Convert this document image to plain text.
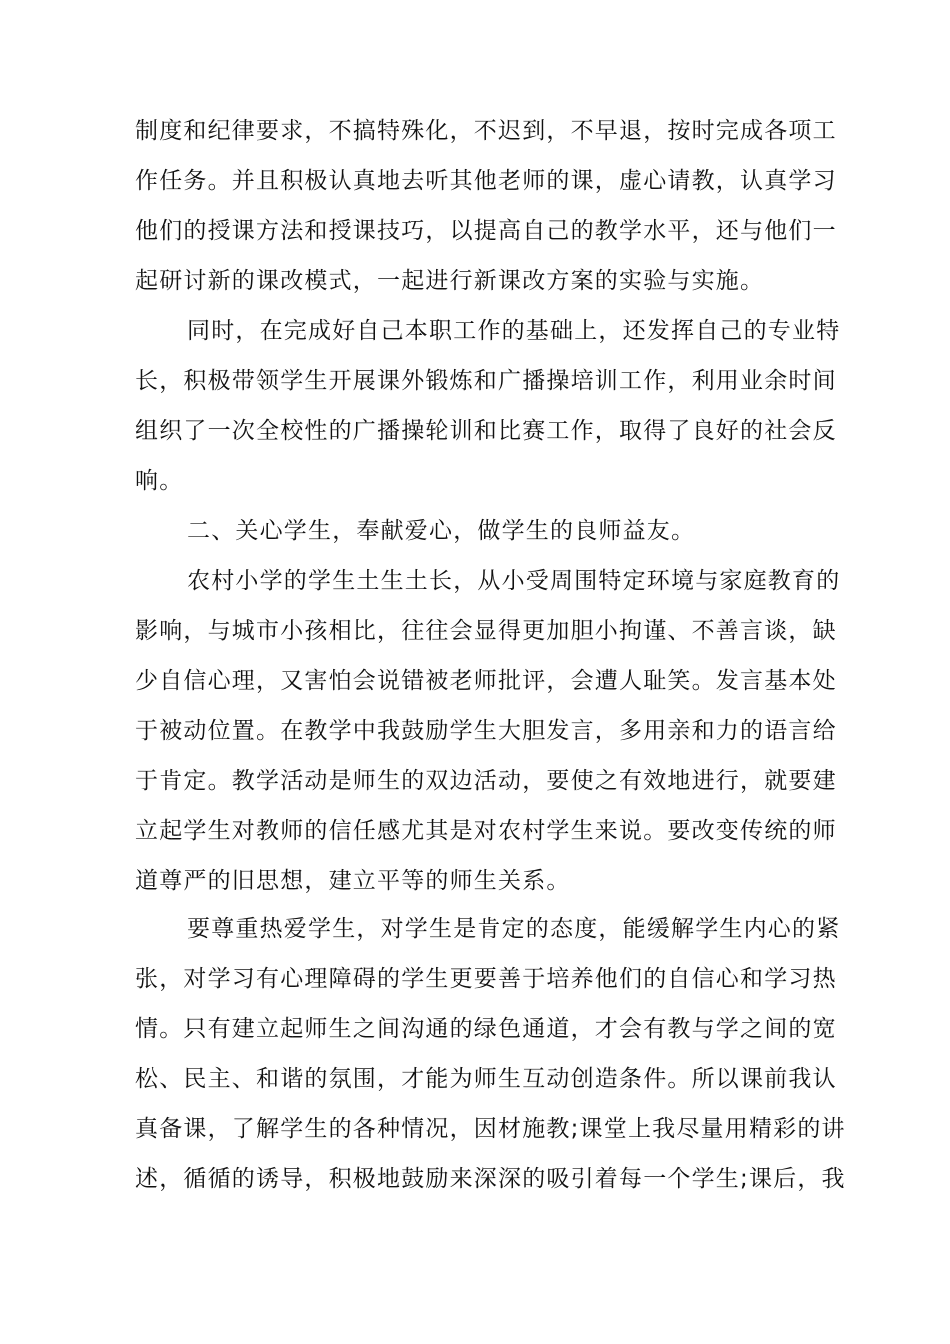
制度和纪律要求，不搞特殊化，不迟到，不早退，按时完成各项工

作任务。并且积极认真地去听其他老师的课，虚心请教，认真学习

他们的授课方法和授课技巧，以提高自己的教学水平，还与他们一

起研讨新的课改模式，一起进行新课改方案的实验与实施。

同时，在完成好自己本职工作的基础上，还发挥自己的专业特

长，积极带领学生开展课外锻炼和广播操培训工作，利用业余时间

组织了一次全校性的广播操轮训和比赛工作，取得了良好的社会反

响。

二、关心学生，奉献爱心，做学生的良师益友。

农村小学的学生土生土长，从小受周围特定环境与家庭教育的

影响，与城市小孩相比，往往会显得更加胆小拘谨、不善言谈，缺

少自信心理，又害怕会说错被老师批评，会遭人耻笑。发言基本处

于被动位置。在教学中我鼓励学生大胆发言，多用亲和力的语言给

于肯定。教学活动是师生的双边活动，要使之有效地进行，就要建

立起学生对教师的信任感尤其是对农村学生来说。要改变传统的师

道尊严的旧思想，建立平等的师生关系。

要尊重热爱学生，对学生是肯定的态度，能缓解学生内心的紧

张，对学习有心理障碍的学生更要善于培养他们的自信心和学习热

情。只有建立起师生之间沟通的绿色通道，才会有教与学之间的宽

松、民主、和谐的氛围，才能为师生互动创造条件。所以课前我认

真备课，了解学生的各种情况，因材施教;课堂上我尽量用精彩的讲

述，循循的诱导，积极地鼓励来深深的吸引着每一个学生;课后，我
